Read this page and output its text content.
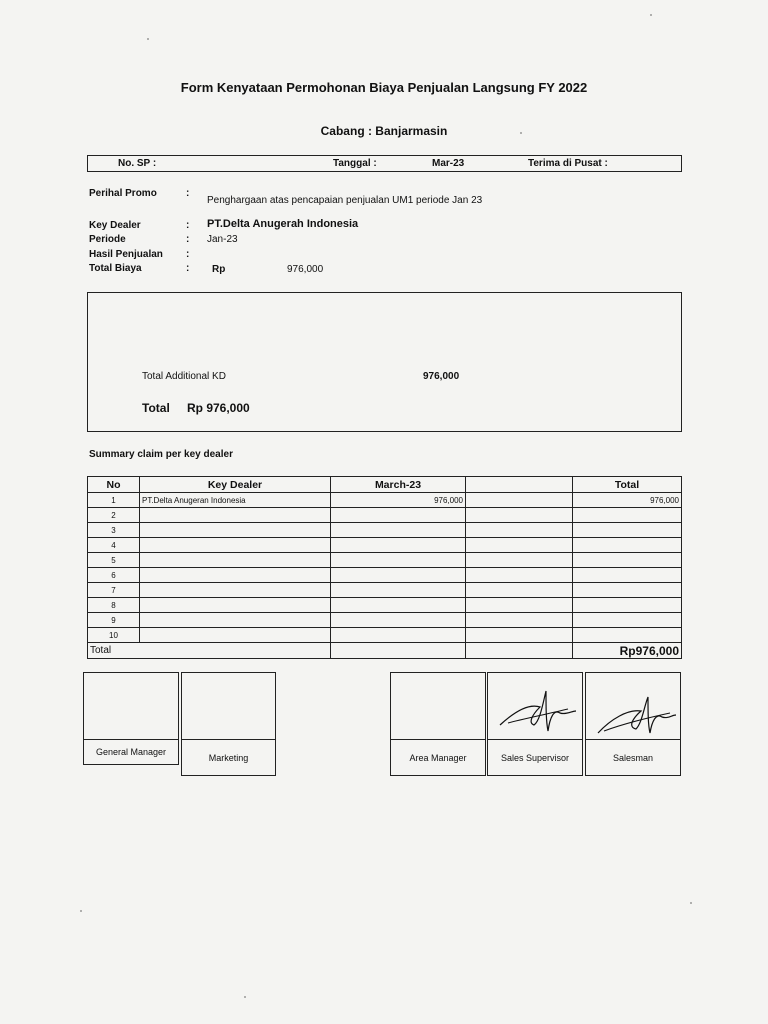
Form Kenyataan Permohonan Biaya Penjualan Langsung FY 2022
Cabang : Banjarmasin
No. SP :	Tanggal :	Mar-23	Terima di Pusat :
Perihal Promo	:
Penghargaan atas pencapaian penjualan UM1 periode Jan 23
Key Dealer	: PT.Delta Anugerah Indonesia
Periode	: Jan-23
Hasil Penjualan :
Total Biaya	: Rp	976,000
Total Additional KD	976,000
Total Rp 976,000
Summary claim per key dealer
No	Key Dealer	March-23		Total
1	PT.Delta Anugeran Indonesia	976,000		976,000
2				
3				
4				
5				
6				
7				
8				
9				
10				
Total				Rp976,000
General Manager
Marketing	Area Manager	Sales Supervisor	Salesman
